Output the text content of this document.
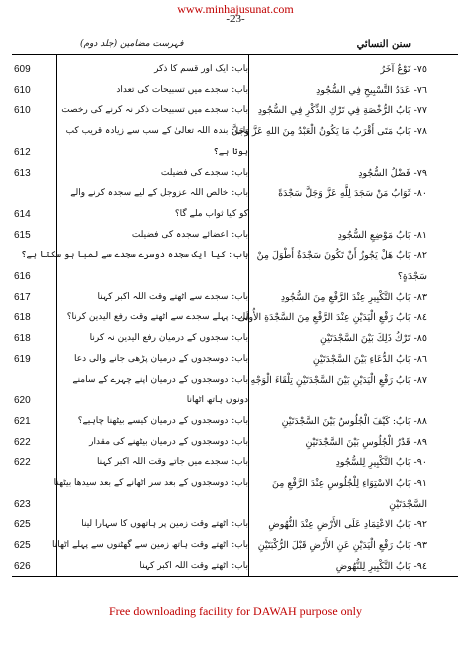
www.minhajusunat.com
-23-
سنن النسائي
فہرست مضامین (جلد دوم)
٧٥- نَوْعٌ آخَرُ
باب: ایک اور قسم کا ذکر
609
٧٦- عَدَدُ التَّسْبِيحِ فِي السُّجُودِ
باب: سجدے میں تسبیحات کی تعداد
610
٧٧- بَابُ الرُّخْصَةِ فِي تَرْكِ الذِّكْرِ فِي السُّجُودِ
باب: سجدے میں تسبیحات ذکر نہ کرنے کی رخصت
610
٧٨- بَابُ مَتَى أَقْرَبُ مَا يَكُونُ الْعَبْدُ مِنَ اللهِ عَزَّ وَجَلَّ
باب: بندہ اللہ تعالیٰ کے سب سے زیادہ قریب کب
ہوتا ہے؟
612
٧٩- فَضْلُ السُّجُودِ
باب: سجدے کی فضیلت
613
٨٠- ثَوَابُ مَنْ سَجَدَ لِلَّهِ عَزَّ وَجَلَّ سَجْدَةً
باب: خالص اللہ عزوجل کے لیے سجدہ کرنے والے
کو کیا ثواب ملے گا؟
614
٨١- بَابُ مَوْضِعِ السُّجُودِ
باب: اعضائے سجدہ کی فضیلت
615
٨٢- بَابٌ هَلْ يَجُوزُ أَنْ تَكُونَ سَجْدَةٌ أَطْوَلَ مِنْ
باب: کیا ایک سجدہ دوسرے سجدے سے لمبا ہو سکتا ہے؟
سَجْدَةٍ؟
616
٨٣- بَابُ التَّكْبِيرِ عِنْدَ الرَّفْعِ مِنَ السُّجُودِ
باب: سجدے سے اٹھتے وقت اللہ اکبر کہنا
617
٨٤- بَابُ رَفْعِ الْيَدَيْنِ عِنْدَ الرَّفْعِ مِنَ السَّجْدَةِ الأُولَى
باب: پہلے سجدے سے اٹھتے وقت رفع الیدین کرنا؟
618
٨٥- تَرْكُ ذَلِكَ بَيْنَ السَّجْدَتَيْنِ
باب: سجدوں کے درمیان رفع الیدین نہ کرنا
618
٨٦- بَابُ الدُّعَاءِ بَيْنَ السَّجْدَتَيْنِ
باب: دوسجدوں کے درمیان پڑھی جانے والی دعا
619
٨٧- بَابُ رَفْعِ الْيَدَيْنِ بَيْنَ السَّجْدَتَيْنِ تِلْقَاءَ الْوَجْهِ
باب: دوسجدوں کے درمیان اپنے چہرے کے سامنے
دونوں ہاتھ اٹھانا
620
٨٨- بَابٌ: كَيْفَ الْجُلُوسُ بَيْنَ السَّجْدَتَيْنِ
باب: دوسجدوں کے درمیان کیسے بیٹھنا چاہیے؟
621
٨٩- قَدْرُ الْجُلُوسِ بَيْنَ السَّجْدَتَيْنِ
باب: دوسجدوں کے درمیان بیٹھنے کی مقدار
622
٩٠- بَابُ التَّكْبِيرِ لِلسُّجُودِ
باب: سجدے میں جاتے وقت اللہ اکبر کہنا
622
٩١- بَابُ الاسْتِوَاءِ لِلْجُلُوسِ عِنْدَ الرَّفْعِ مِنَ
باب: دوسجدوں کے بعد سر اٹھانے کے بعد سیدھا بیٹھنا
السَّجْدَتَيْنِ
623
٩٢- بَابُ الاعْتِمَادِ عَلَى الأَرْضِ عِنْدَ النُّهُوضِ
باب: اٹھتے وقت زمین پر ہاتھوں کا سہارا لینا
625
٩٣- بَابُ رَفْعِ الْيَدَيْنِ عَنِ الأَرْضِ قَبْلَ الرُّكْبَتَيْنِ
باب: اٹھتے وقت ہاتھ زمین سے گھٹنوں سے پہلے اٹھانا
625
٩٤- بَابُ التَّكْبِيرِ لِلنُّهُوضِ
باب: اٹھتے وقت اللہ اکبر کہنا
626
Free downloading facility for DAWAH purpose only
